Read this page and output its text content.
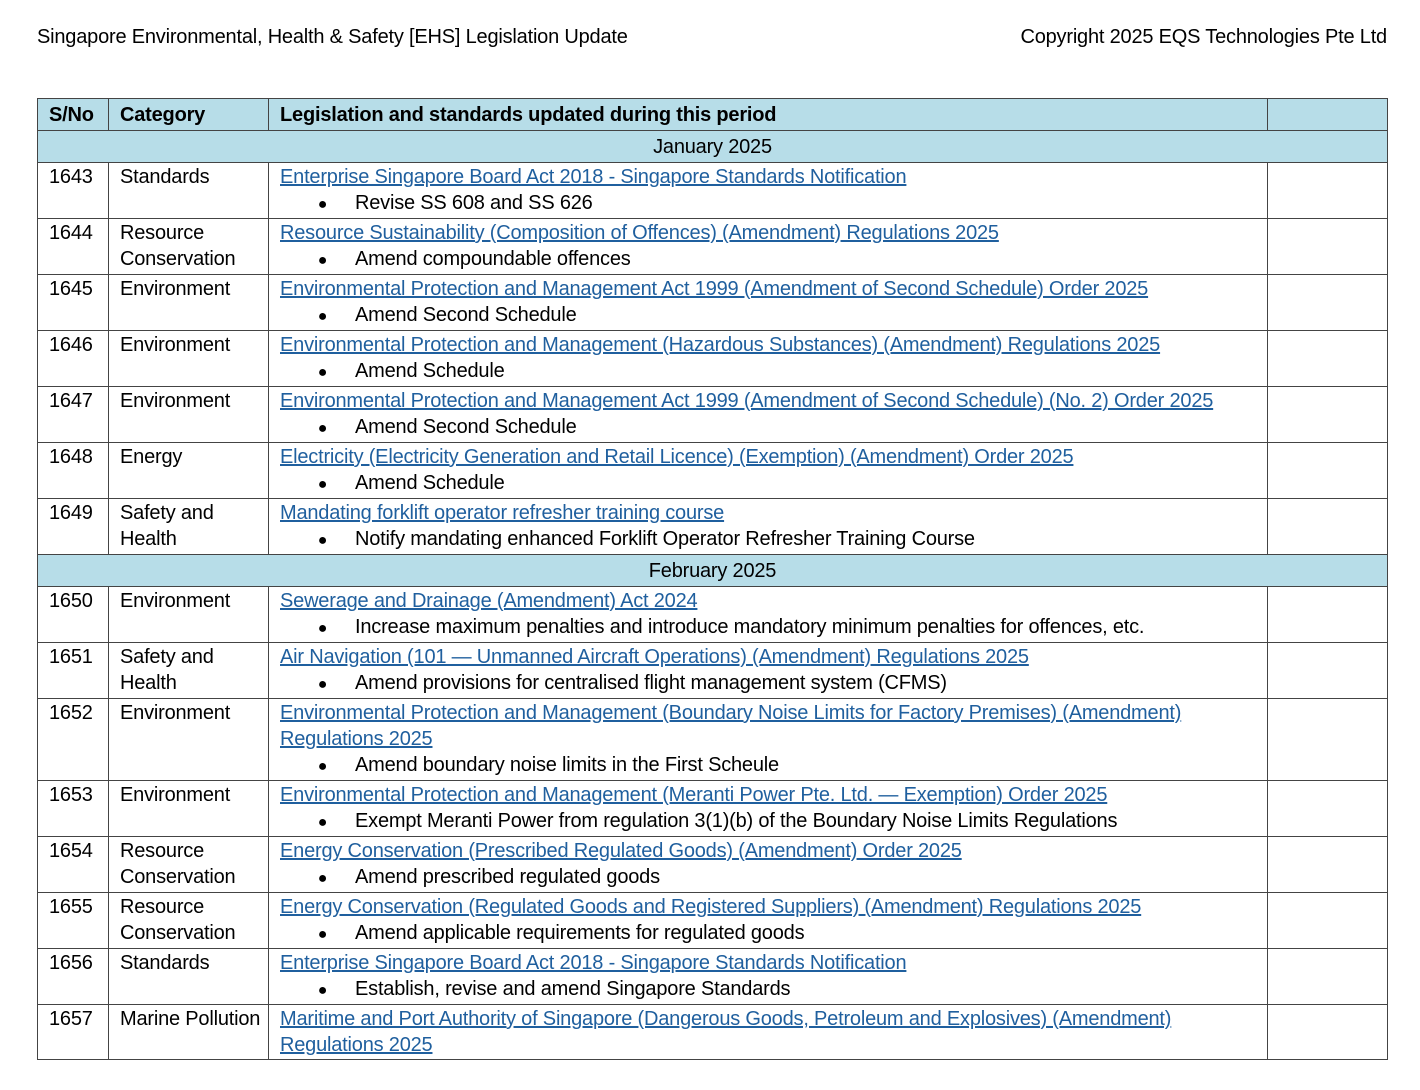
Singapore Environmental, Health & Safety [EHS] Legislation Update	Copyright 2025 EQS Technologies Pte Ltd
S/No	Category	Legislation and standards updated during this period	
January 2025			
1643	Standards	Enterprise Singapore Board Act 2018 - Singapore Standards Notification
● Revise SS 608 and SS 626	

1644	Resource Conservation	Resource Sustainability (Composition of Offences) (Amendment) Regulations 2025
● Amend compoundable offences	

1645	Environment	Environmental Protection and Management Act 1999 (Amendment of Second Schedule) Order 2025
● Amend Second Schedule	

1646	Environment	Environmental Protection and Management (Hazardous Substances) (Amendment) Regulations 2025
● Amend Schedule	

1647	Environment	Environmental Protection and Management Act 1999 (Amendment of Second Schedule) (No. 2) Order 2025
● Amend Second Schedule	

1648	Energy	Electricity (Electricity Generation and Retail Licence) (Exemption) (Amendment) Order 2025
● Amend Schedule	

1649	Safety and Health	Mandating forklift operator refresher training course
● Notify mandating enhanced Forklift Operator Refresher Training Course	

February 2025			
1650	Environment	Sewerage and Drainage (Amendment) Act 2024
● Increase maximum penalties and introduce mandatory minimum penalties for offences, etc.	

1651	Safety and Health	Air Navigation (101 — Unmanned Aircraft Operations) (Amendment) Regulations 2025
● Amend provisions for centralised flight management system (CFMS)	

1652	Environment	Environmental Protection and Management (Boundary Noise Limits for Factory Premises) (Amendment) Regulations 2025
● Amend boundary noise limits in the First Scheule	

1653	Environment	Environmental Protection and Management (Meranti Power Pte. Ltd. — Exemption) Order 2025
● Exempt Meranti Power from regulation 3(1)(b) of the Boundary Noise Limits Regulations	

1654	Resource Conservation	Energy Conservation (Prescribed Regulated Goods) (Amendment) Order 2025
● Amend prescribed regulated goods	

1655	Resource Conservation	Energy Conservation (Regulated Goods and Registered Suppliers) (Amendment) Regulations 2025
● Amend applicable requirements for regulated goods	

1656	Standards	Enterprise Singapore Board Act 2018 - Singapore Standards Notification
● Establish, revise and amend Singapore Standards	

1657	Marine Pollution	Maritime and Port Authority of Singapore (Dangerous Goods, Petroleum and Explosives) (Amendment) Regulations 2025	
